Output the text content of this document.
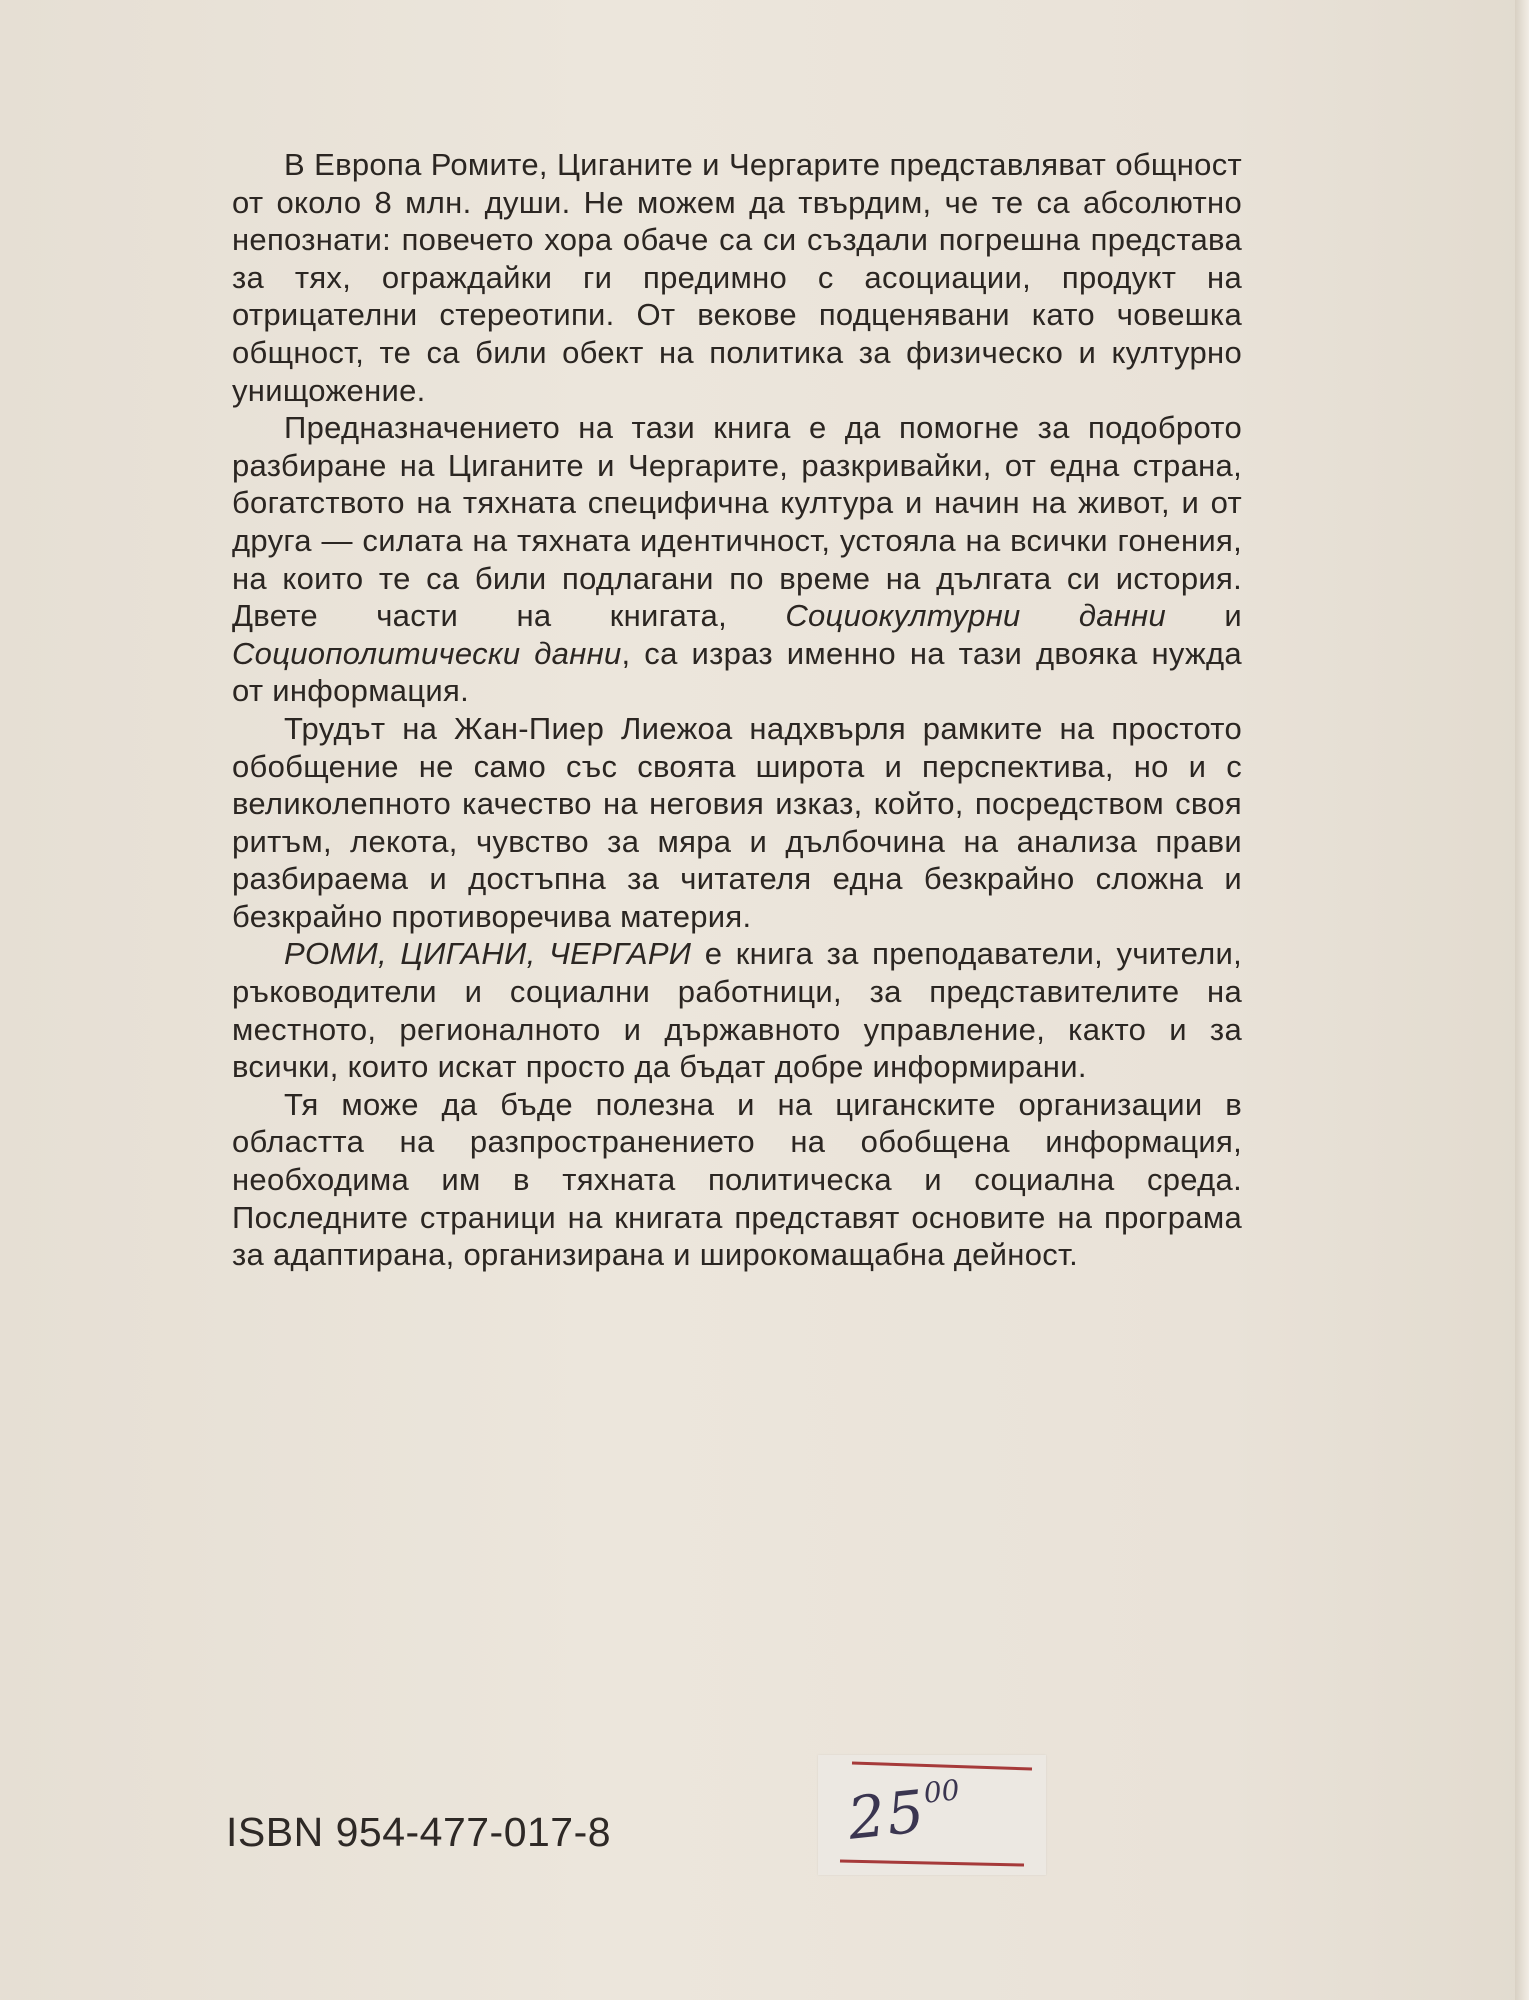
В Европа Ромите, Циганите и Чергарите представляват общност от около 8 млн. души. Не можем да твърдим, че те са абсолютно непознати: повечето хора обаче са си създали погрешна представа за тях, ограждайки ги предимно с асоциации, продукт на отрицателни стереотипи. От векове подценявани като човешка общност, те са били обект на политика за физическо и културно унищожение.

Предназначението на тази книга е да помогне за подоброто разбиране на Циганите и Чергарите, разкривайки, от една страна, богатството на тяхната специфична култура и начин на живот, и от друга — силата на тяхната идентичност, устояла на всички гонения, на които те са били подлагани по време на дългата си история. Двете части на книгата, Социокултурни данни и Социополитически данни, са израз именно на тази двояка нужда от информация.

Трудът на Жан-Пиер Лиежоа надхвърля рамките на простото обобщение не само със своята широта и перспектива, но и с великолепното качество на неговия изказ, който, посредством своя ритъм, лекота, чувство за мяра и дълбочина на анализа прави разбираема и достъпна за читателя една безкрайно сложна и безкрайно противоречива материя.

РОМИ, ЦИГАНИ, ЧЕРГАРИ е книга за преподаватели, учители, ръководители и социални работници, за представителите на местното, регионалното и държавното управление, както и за всички, които искат просто да бъдат добре информирани.

Тя може да бъде полезна и на циганските организации в областта на разпространението на обобщена информация, необходима им в тяхната политическа и социална среда. Последните страници на книгата представят основите на програма за адаптирана, организирана и широкомащабна дейност.

ISBN 954-477-017-8	$25^{00}$
